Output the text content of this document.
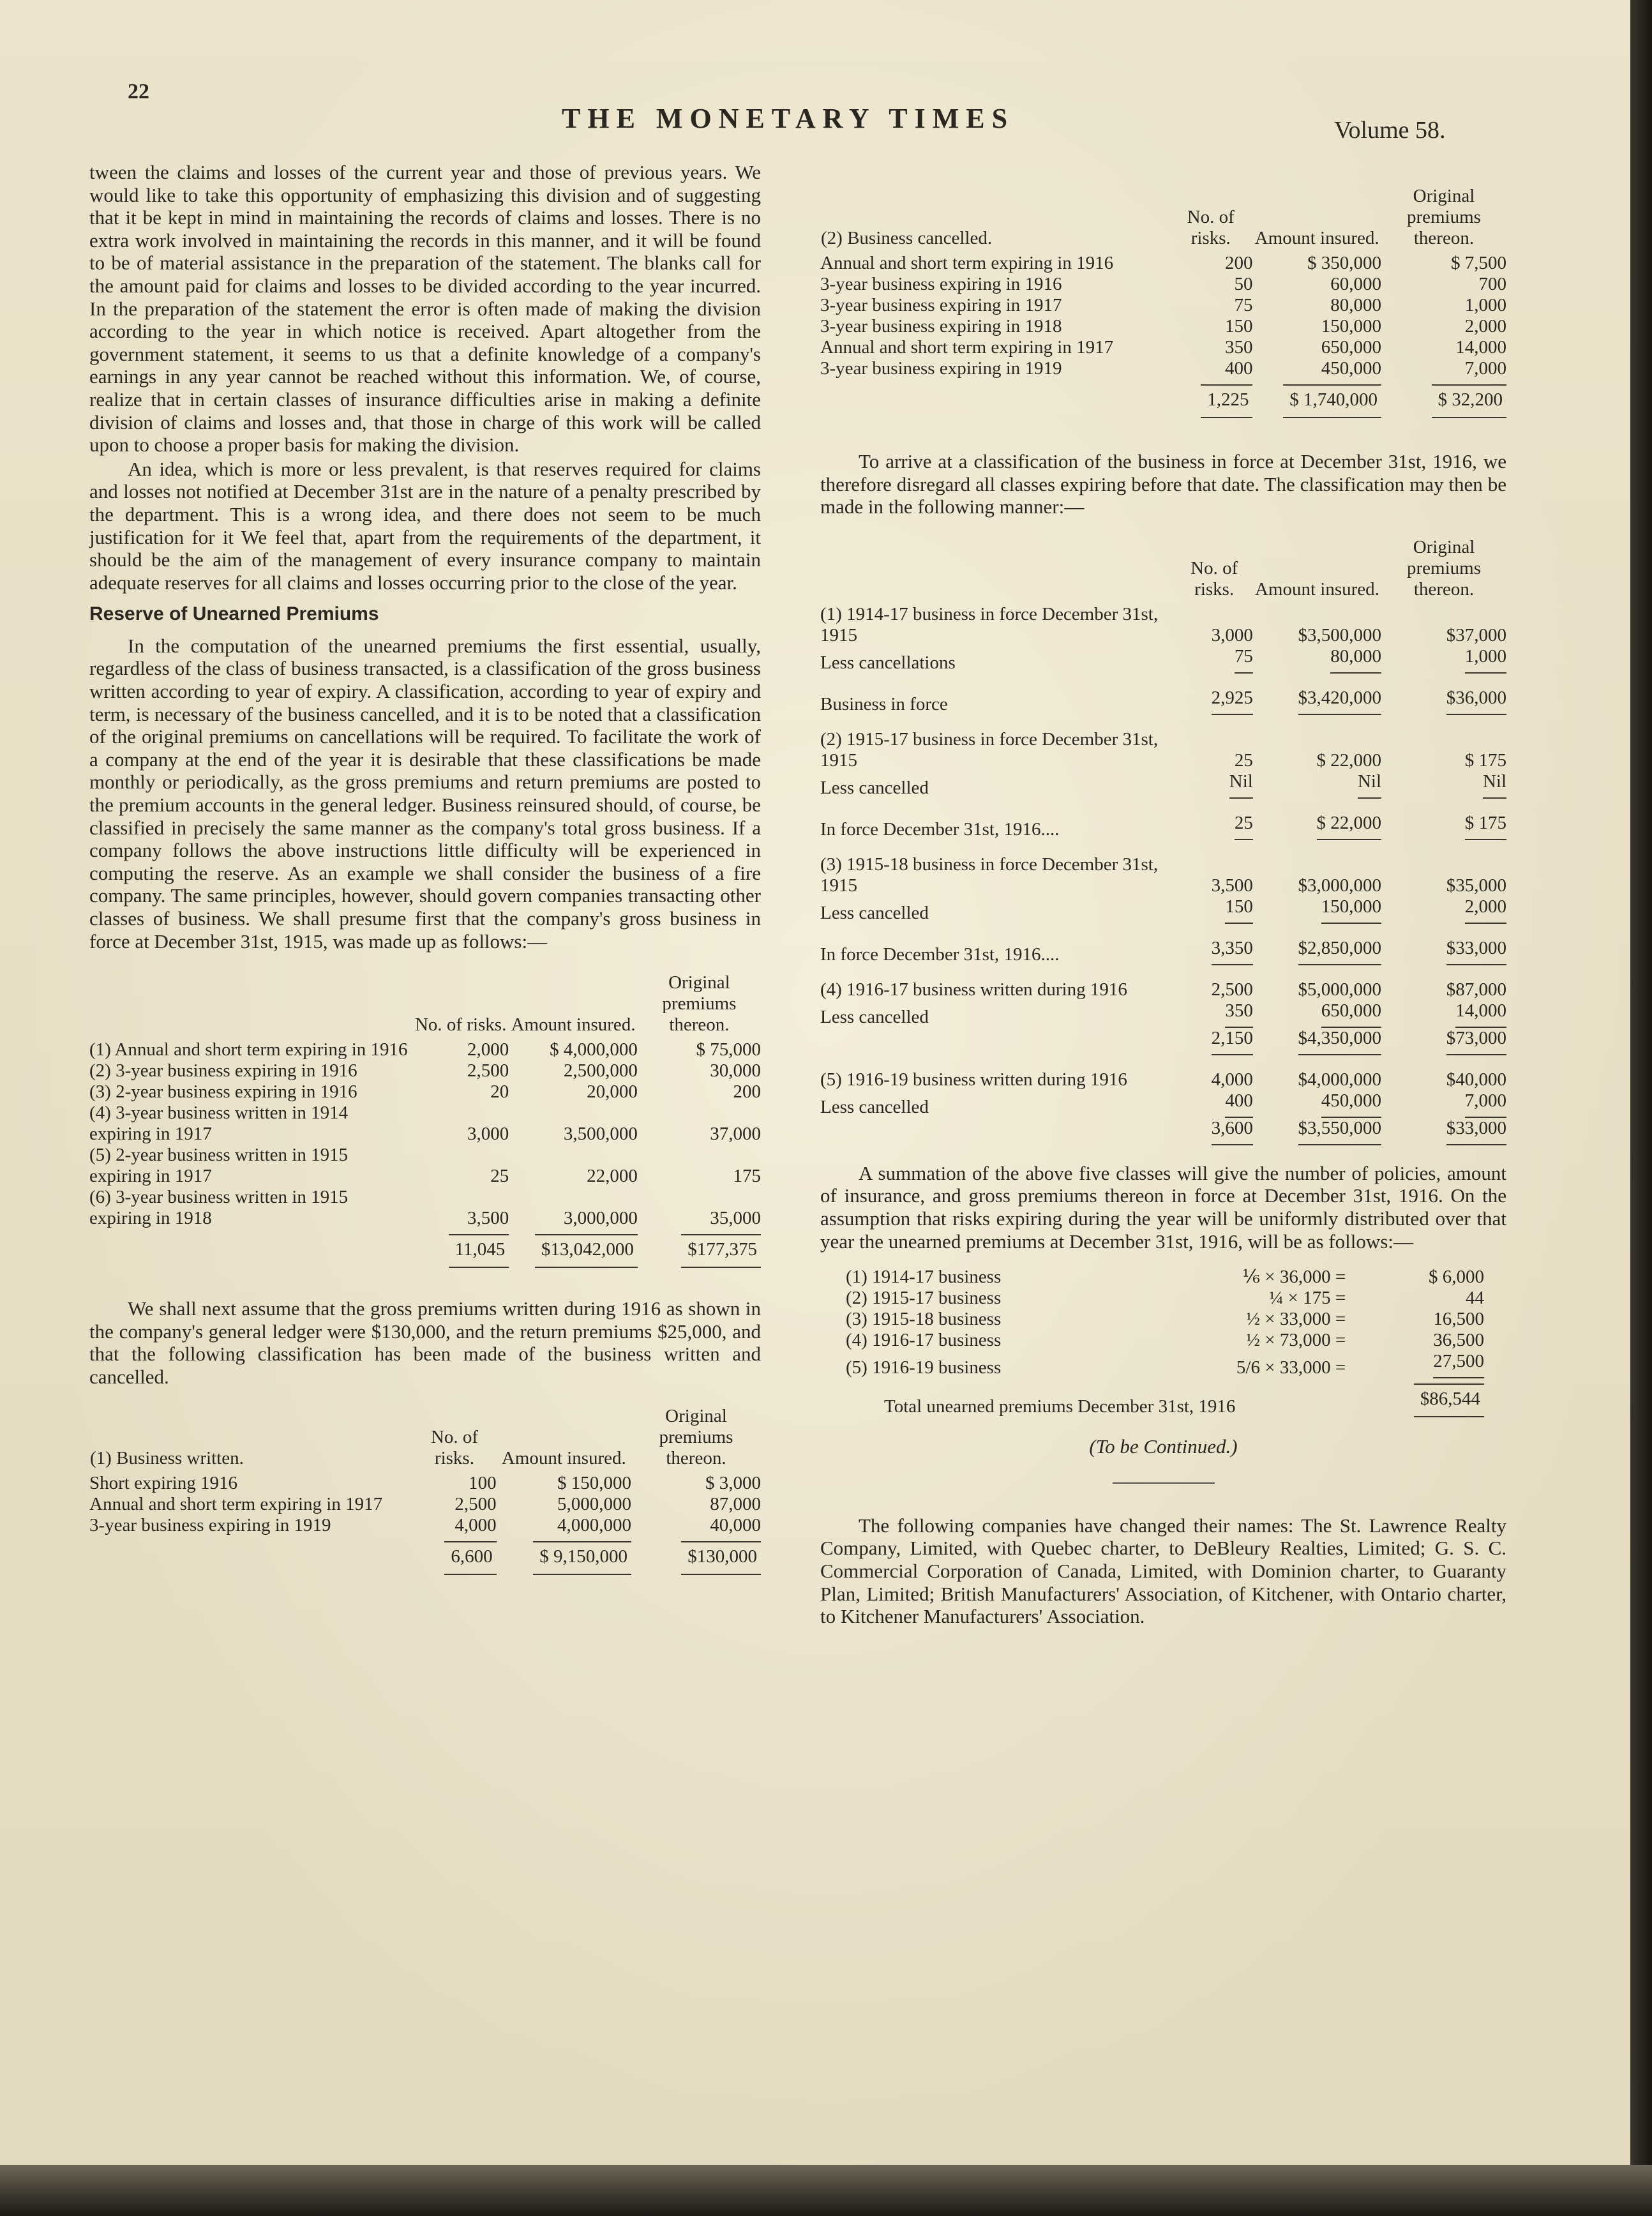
22
THE MONETARY TIMES	Volume 58.

tween the claims and losses of the current year and those of previous years. We would like to take this opportunity of emphasizing this division and of suggesting that it be kept in mind in maintaining the records of claims and losses. There is no extra work involved in maintaining the records in this manner, and it will be found to be of material assistance in the preparation of the statement. The blanks call for the amount paid for claims and losses to be divided according to the year incurred. In the preparation of the statement the error is often made of making the division according to the year in which notice is received. Apart altogether from the government statement, it seems to us that a definite knowledge of a company's earnings in any year cannot be reached without this information. We, of course, realize that in certain classes of insurance difficulties arise in making a definite division of claims and losses and, that those in charge of this work will be called upon to choose a proper basis for making the division.

An idea, which is more or less prevalent, is that reserves required for claims and losses not notified at December 31st are in the nature of a penalty prescribed by the department. This is a wrong idea, and there does not seem to be much justification for it We feel that, apart from the requirements of the department, it should be the aim of the management of every insurance company to maintain adequate reserves for all claims and losses occurring prior to the close of the year.

Reserve of Unearned Premiums

In the computation of the unearned premiums the first essential, usually, regardless of the class of business transacted, is a classification of the gross business written according to year of expiry. A classification, according to year of expiry and term, is necessary of the business cancelled, and it is to be noted that a classification of the original premiums on cancellations will be required. To facilitate the work of a company at the end of the year it is desirable that these classifications be made monthly or periodically, as the gross premiums and return premiums are posted to the premium accounts in the general ledger. Business reinsured should, of course, be classified in precisely the same manner as the company's total gross business. If a company follows the above instructions little difficulty will be experienced in computing the reserve. As an example we shall consider the business of a fire company. The same principles, however, should govern companies transacting other classes of business. We shall presume first that the company's gross business in force at December 31st, 1915, was made up as follows:—

	No. of risks.	Amount insured.	Original premiums thereon.
(1) Annual and short term expiring in 1916	2,000	$ 4,000,000	$ 75,000
(2) 3-year business expiring in 1916	2,500	2,500,000	30,000
(3) 2-year business expiring in 1916	20	20,000	200
(4) 3-year business written in 1914 expiring in 1917	3,000	3,500,000	37,000
(5) 2-year business written in 1915 expiring in 1917	25	22,000	175
(6) 3-year business written in 1915 expiring in 1918	3,500	3,000,000	35,000
	11,045	$13,042,000	$177,375

We shall next assume that the gross premiums written during 1916 as shown in the company's general ledger were $130,000, and the return premiums $25,000, and that the following classification has been made of the business written and cancelled.

(1) Business written.	No. of risks.	Amount insured.	Original premiums thereon.
Short expiring 1916	100	$ 150,000	$ 3,000
Annual and short term expiring in 1917	2,500	5,000,000	87,000
3-year business expiring in 1919	4,000	4,000,000	40,000
	6,600	$ 9,150,000	$130,000
(2) Business cancelled.	No. of risks.	Amount insured.	Original premiums thereon.
Annual and short term expiring in 1916	200	$ 350,000	$ 7,500
3-year business expiring in 1916	50	60,000	700
3-year business expiring in 1917	75	80,000	1,000
3-year business expiring in 1918	150	150,000	2,000
Annual and short term expiring in 1917	350	650,000	14,000
3-year business expiring in 1919	400	450,000	7,000
	1,225	$ 1,740,000	$ 32,200

To arrive at a classification of the business in force at December 31st, 1916, we therefore disregard all classes expiring before that date. The classification may then be made in the following manner:—

	No. of risks.	Amount insured.	Original premiums thereon.
(1) 1914-17 business in force December 31st, 1915	3,000	$3,500,000	$37,000
Less cancellations	75	80,000	1,000

Business in force	2,925	$3,420,000	$36,000

(2) 1915-17 business in force December 31st, 1915	25	$ 22,000	$ 175
Less cancelled	Nil	Nil	Nil

In force December 31st, 1916....	25	$ 22,000	$ 175

(3) 1915-18 business in force December 31st, 1915	3,500	$3,000,000	$35,000
Less cancelled	150	150,000	2,000

In force December 31st, 1916....	3,350	$2,850,000	$33,000

(4) 1916-17 business written during 1916	2,500	$5,000,000	$87,000
Less cancelled	350	650,000	14,000
	2,150	$4,350,000	$73,000

(5) 1916-19 business written during 1916	4,000	$4,000,000	$40,000
Less cancelled	400	450,000	7,000
	3,600	$3,550,000	$33,000

A summation of the above five classes will give the number of policies, amount of insurance, and gross premiums thereon in force at December 31st, 1916. On the assumption that risks expiring during the year will be uniformly distributed over that year the unearned premiums at December 31st, 1916, will be as follows:—

(1) 1914-17 business	⅙ × 36,000 =	$ 6,000
(2) 1915-17 business	¼ × 175 =	44
(3) 1915-18 business	½ × 33,000 =	16,500
(4) 1916-17 business	½ × 73,000 =	36,500
(5) 1916-19 business	5/6 × 33,000 =	27,500
Total unearned premiums December 31st, 1916		$86,544
(To be Continued.)

The following companies have changed their names: The St. Lawrence Realty Company, Limited, with Quebec charter, to DeBleury Realties, Limited; G. S. C. Commercial Corporation of Canada, Limited, with Dominion charter, to Guaranty Plan, Limited; British Manufacturers' Association, of Kitchener, with Ontario charter, to Kitchener Manufacturers' Association.
